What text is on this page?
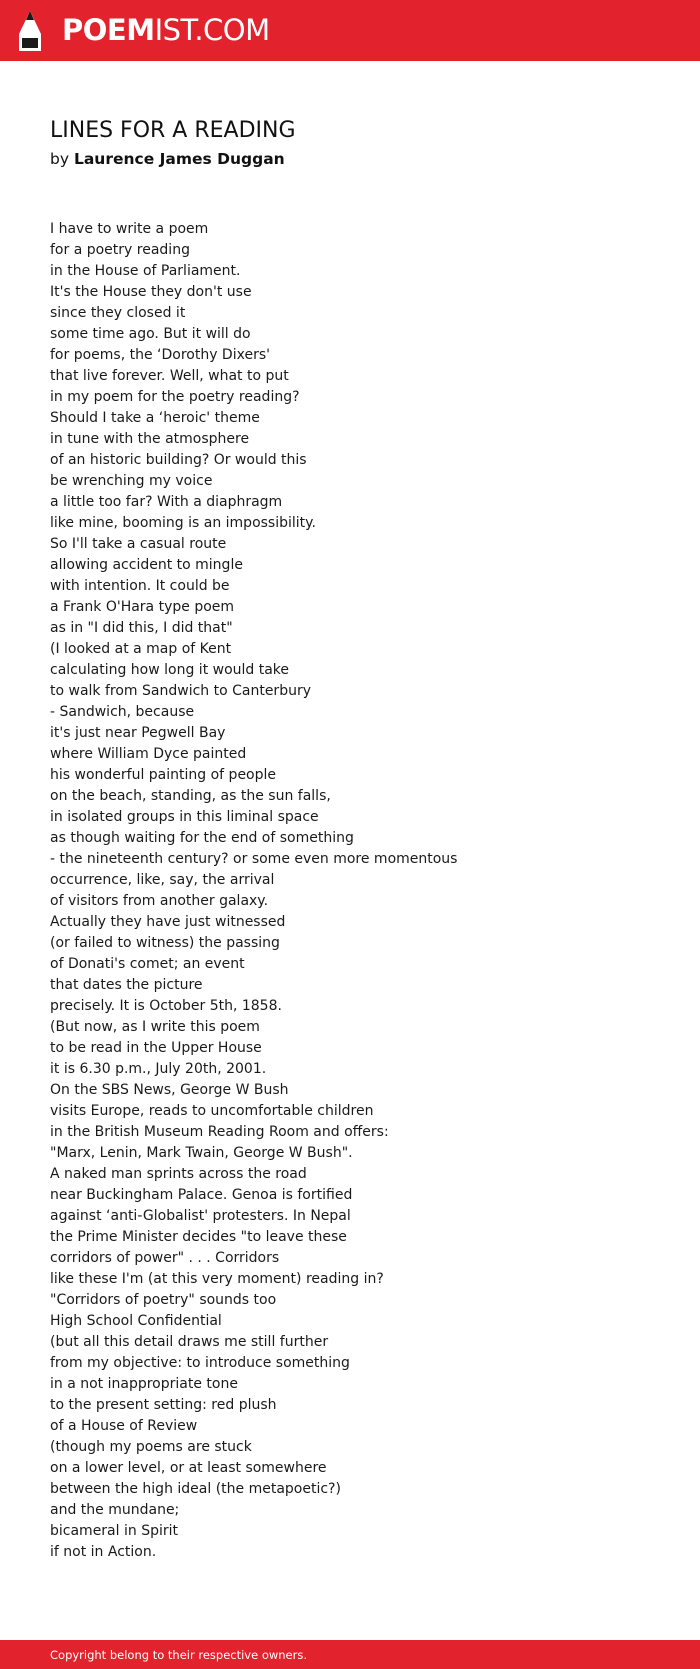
POEMIST.COM
LINES FOR A READING
by Laurence James Duggan
I have to write a poem
for a poetry reading
in the House of Parliament.
It's the House they don't use
since they closed it
some time ago. But it will do
for poems, the ‘Dorothy Dixers'
that live forever. Well, what to put
in my poem for the poetry reading?
Should I take a ‘heroic' theme
in tune with the atmosphere
of an historic building? Or would this
be wrenching my voice
a little too far? With a diaphragm
like mine, booming is an impossibility.
So I'll take a casual route
allowing accident to mingle
with intention. It could be
a Frank O'Hara type poem
as in "I did this, I did that"
(I looked at a map of Kent
calculating how long it would take
to walk from Sandwich to Canterbury
- Sandwich, because
it's just near Pegwell Bay
where William Dyce painted
his wonderful painting of people
on the beach, standing, as the sun falls,
in isolated groups in this liminal space
as though waiting for the end of something
- the nineteenth century? or some even more momentous
occurrence, like, say, the arrival
of visitors from another galaxy.
Actually they have just witnessed
(or failed to witness) the passing
of Donati's comet; an event
that dates the picture
precisely. It is October 5th, 1858.
(But now, as I write this poem
to be read in the Upper House
it is 6.30 p.m., July 20th, 2001.
On the SBS News, George W Bush
visits Europe, reads to uncomfortable children
in the British Museum Reading Room and offers:
"Marx, Lenin, Mark Twain, George W Bush".
A naked man sprints across the road
near Buckingham Palace. Genoa is fortified
against ‘anti-Globalist' protesters. In Nepal
the Prime Minister decides "to leave these
corridors of power" . . . Corridors
like these I'm (at this very moment) reading in?
"Corridors of poetry" sounds too
High School Confidential
(but all this detail draws me still further
from my objective: to introduce something
in a not inappropriate tone
to the present setting: red plush
of a House of Review
(though my poems are stuck
on a lower level, or at least somewhere
between the high ideal (the metapoetic?)
and the mundane;
bicameral in Spirit
if not in Action.
Copyright belong to their respective owners.
